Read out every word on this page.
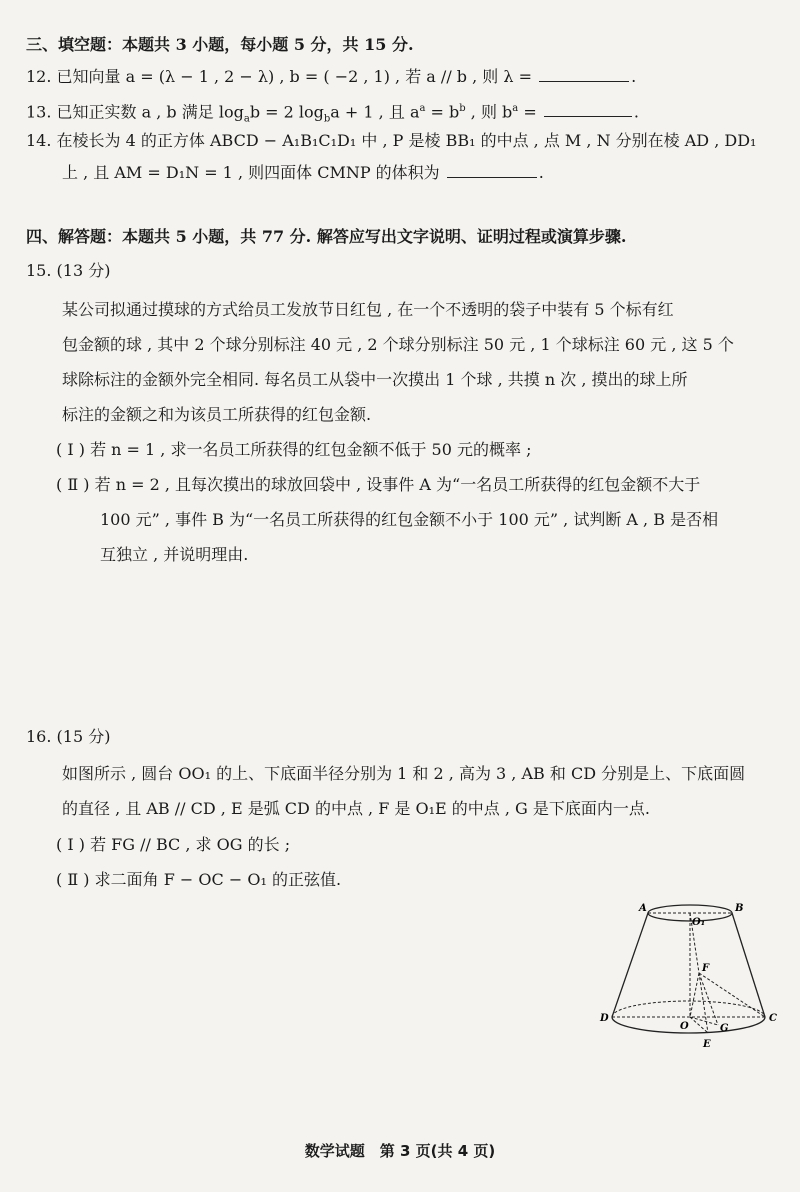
三、填空题：本题共 3 小题，每小题 5 分，共 15 分.
12. 已知向量 a = (λ − 1 , 2 − λ) , b = ( −2 , 1) , 若 a // b , 则 λ =	.
13. 已知正实数 a , b 满足 $\log_ab = 2$ $\log_ba + 1$ , 且 $a^a = b^b$ , 则 $b^a$ =	.
14. 在棱长为 4 的正方体 ABCD − A₁B₁C₁D₁ 中 , P 是棱 BB₁ 的中点 , 点 M , N 分别在棱 AD , DD₁
上 , 且 AM = D₁N = 1 , 则四面体 CMNP 的体积为	.
四、解答题：本题共 5 小题，共 77 分. 解答应写出文字说明、证明过程或演算步骤.
15. (13 分)
某公司拟通过摸球的方式给员工发放节日红包 , 在一个不透明的袋子中装有 5 个标有红
包金额的球 , 其中 2 个球分别标注 40 元 , 2 个球分别标注 50 元 , 1 个球标注 60 元 , 这 5 个
球除标注的金额外完全相同. 每名员工从袋中一次摸出 1 个球 , 共摸 n 次 , 摸出的球上所
标注的金额之和为该员工所获得的红包金额.
( Ⅰ ) 若 n = 1 , 求一名员工所获得的红包金额不低于 50 元的概率 ;
( Ⅱ ) 若 n = 2 , 且每次摸出的球放回袋中 , 设事件 A 为“一名员工所获得的红包金额不大于
100 元” , 事件 B 为“一名员工所获得的红包金额不小于 100 元” , 试判断 A , B 是否相
互独立 , 并说明理由.
16. (15 分)
如图所示 , 圆台 OO₁ 的上、下底面半径分别为 1 和 2 , 高为 3 , AB 和 CD 分别是上、下底面圆
的直径 , 且 AB // CD , E 是弧 CD 的中点 , F 是 O₁E 的中点 , G 是下底面内一点.
( Ⅰ ) 若 FG // BC , 求 OG 的长 ;
( Ⅱ ) 求二面角 F − OC − O₁ 的正弦值.
A	B
O₁
F
D
O	G
C
E
数学试题　第 3 页(共 4 页)
